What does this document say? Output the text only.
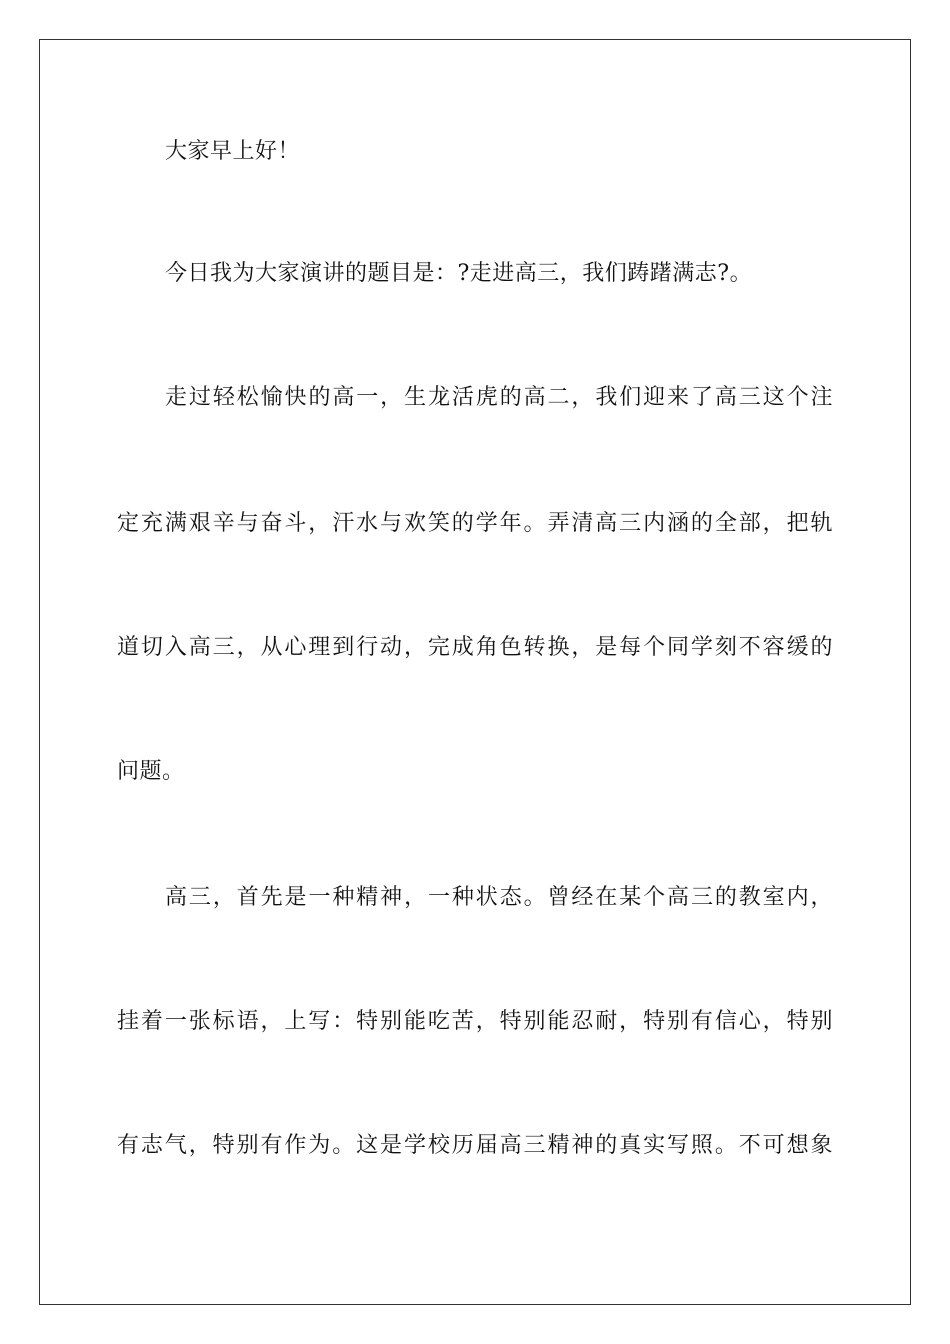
大家早上好！
今日我为大家演讲的题目是：?走进高三，我们踌躇满志?。
走过轻松愉快的高一，生龙活虎的高二，我们迎来了高三这个注
定充满艰辛与奋斗，汗水与欢笑的学年。弄清高三内涵的全部，把轨
道切入高三，从心理到行动，完成角色转换，是每个同学刻不容缓的
问题。
高三，首先是一种精神，一种状态。曾经在某个高三的教室内，
挂着一张标语，上写：特别能吃苦，特别能忍耐，特别有信心，特别
有志气，特别有作为。这是学校历届高三精神的真实写照。不可想象
